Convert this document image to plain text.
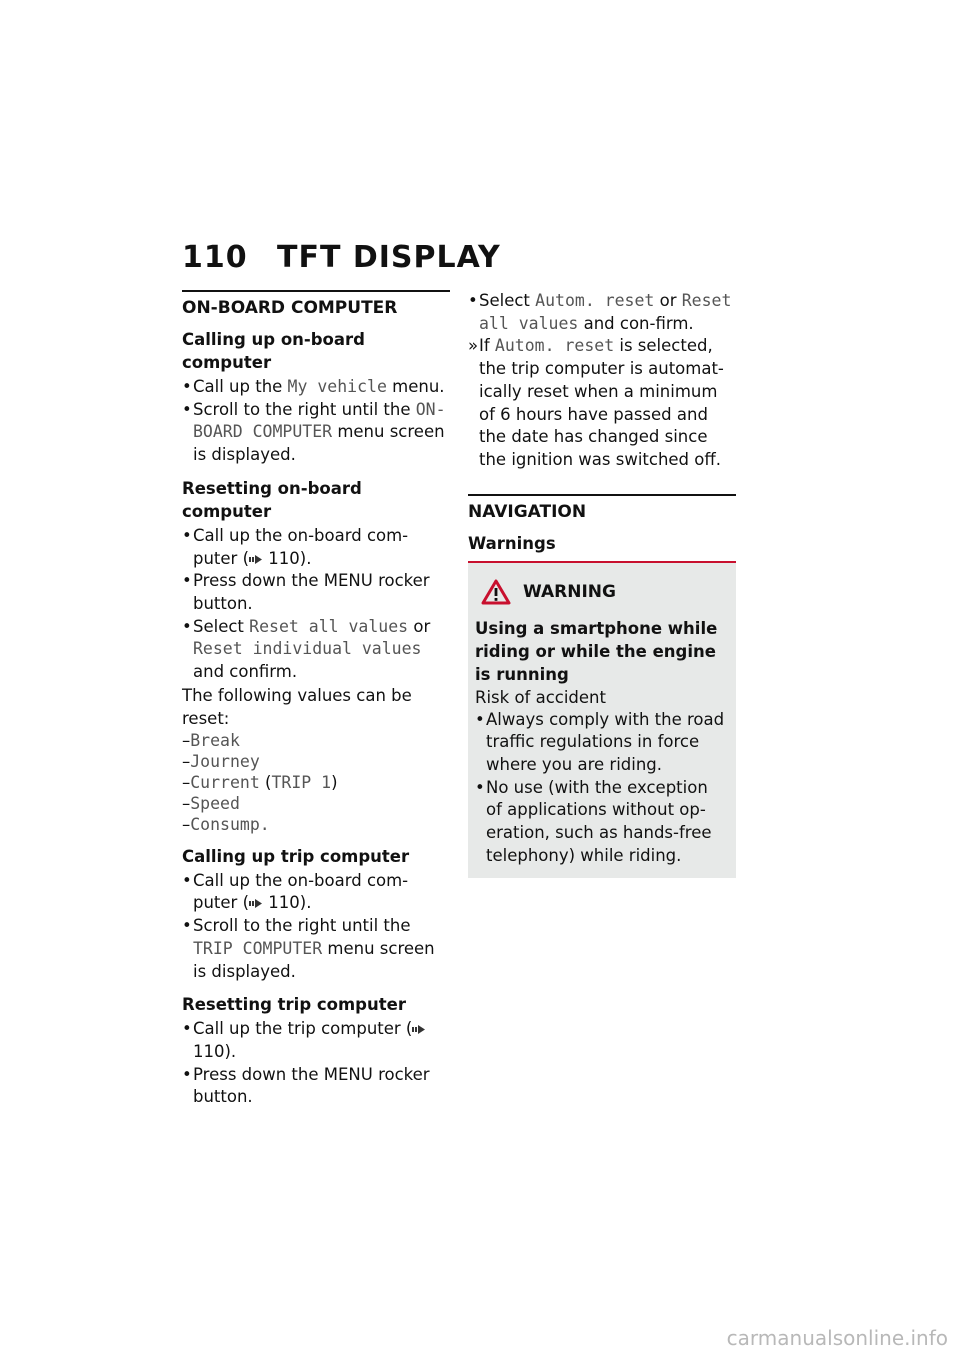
110 TFT DISPLAY
ON-BOARD COMPUTER
Calling up on-board computer
• Call up the My vehicle menu.
• Scroll to the right until the ON-BOARD COMPUTER menu screen is displayed.
Resetting on-board computer
• Call up the on-board com-puter ( 110).
• Press down the MENU rocker button.
• Select Reset all values or Reset individual values and confirm.
The following values can be reset:
–Break
–Journey
–Current (TRIP 1)
–Speed
–Consump.
Calling up trip computer
• Call up the on-board com-puter ( 110).
• Scroll to the right until the TRIP COMPUTER menu screen is displayed.
Resetting trip computer
• Call up the trip computer (
110).
• Press down the MENU rocker button.
• Select Autom. reset or Reset all values and con-firm.
» If Autom. reset is selected, the trip computer is automat-ically reset when a minimum of 6 hours have passed and the date has changed since the ignition was switched off.
NAVIGATION
Warnings
WARNING
Using a smartphone while riding or while the engine is running
Risk of accident
• Always comply with the road traffic regulations in force where you are riding.
• No use (with the exception of applications without op-eration, such as hands-free telephony) while riding.
carmanualsonline.info
